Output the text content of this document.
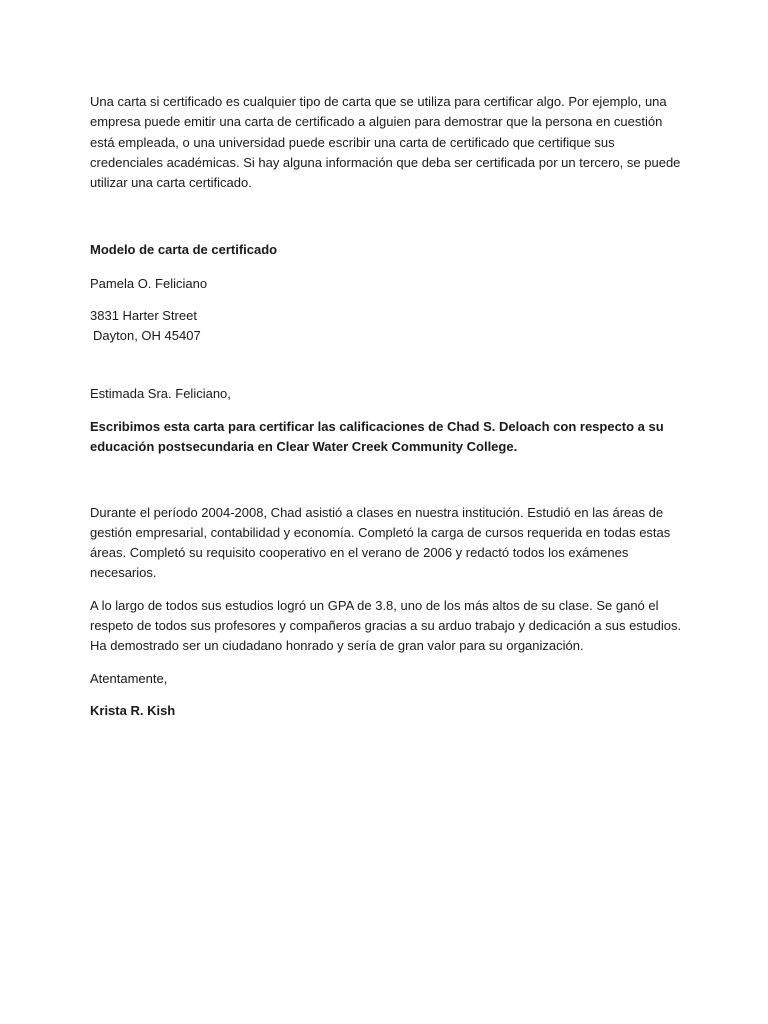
Una carta si certificado es cualquier tipo de carta que se utiliza para certificar algo. Por ejemplo, una empresa puede emitir una carta de certificado a alguien para demostrar que la persona en cuestión está empleada, o una universidad puede escribir una carta de certificado que certifique sus credenciales académicas. Si hay alguna información que deba ser certificada por un tercero, se puede utilizar una carta certificado.

Modelo de carta de certificado

Pamela O. Feliciano

3831 Harter Street

Dayton, OH 45407

Estimada Sra. Feliciano,

Escribimos esta carta para certificar las calificaciones de Chad S. Deloach con respecto a su educación postsecundaria en Clear Water Creek Community College.

Durante el período 2004-2008, Chad asistió a clases en nuestra institución. Estudió en las áreas de gestión empresarial, contabilidad y economía. Completó la carga de cursos requerida en todas estas áreas. Completó su requisito cooperativo en el verano de 2006 y redactó todos los exámenes necesarios.

A lo largo de todos sus estudios logró un GPA de 3.8, uno de los más altos de su clase. Se ganó el respeto de todos sus profesores y compañeros gracias a su arduo trabajo y dedicación a sus estudios. Ha demostrado ser un ciudadano honrado y sería de gran valor para su organización.

Atentamente,

Krista R. Kish
